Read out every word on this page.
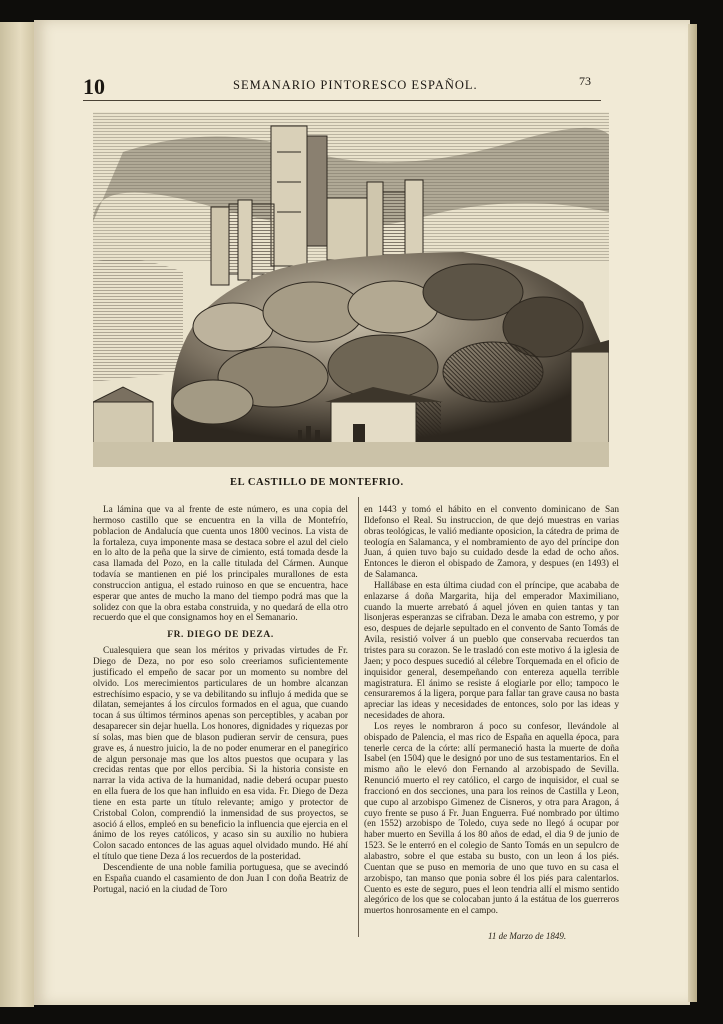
10	SEMANARIO PINTORESCO ESPAÑOL.	73
EL CASTILLO DE MONTEFRIO.

La lámina que va al frente de este número, es una copia del hermoso castillo que se encuentra en la villa de Montefrío, poblacion de Andalucía que cuenta unos 1800 vecinos. La vista de la fortaleza, cuya imponente masa se destaca sobre el azul del cielo en lo alto de la peña que la sirve de cimiento, está tomada desde la casa llamada del Pozo, en la calle titulada del Cármen. Aunque todavía se mantienen en pié los principales murallones de esta construccion antigua, el estado ruinoso en que se encuentra, hace esperar que antes de mucho la mano del tiempo podrá mas que la solidez con que la obra estaba construida, y no quedará de ella otro recuerdo que el que consignamos hoy en el Semanario.

FR. DIEGO DE DEZA.

Cualesquiera que sean los méritos y privadas virtudes de Fr. Diego de Deza, no por eso solo creeriamos suficientemente justificado el empeño de sacar por un momento su nombre del olvido. Los merecimientos particulares de un hombre alcanzan estrechísimo espacio, y se va debilitando su influjo á medida que se dilatan, semejantes á los círculos formados en el agua, que cuando tocan á sus últimos términos apenas son perceptibles, y acaban por desaparecer sin dejar huella. Los honores, dignidades y riquezas por sí solas, mas bien que de blason pudieran servir de censura, pues grave es, á nuestro juicio, la de no poder enumerar en el panegírico de algun personaje mas que los altos puestos que ocupara y las crecidas rentas que por ellos percibia. Si la historia consiste en narrar la vida activa de la humanidad, nadie deberá ocupar puesto en ella fuera de los que han influido en esa vida. Fr. Diego de Deza tiene en esta parte un título relevante; amigo y protector de Cristobal Colon, comprendió la inmensidad de sus proyectos, se asoció á ellos, empleó en su beneficio la influencia que ejercia en el ánimo de los reyes católicos, y acaso sin su auxilio no hubiera Colon sacado entonces de las aguas aquel olvidado mundo. Hé ahí el título que tiene Deza á los recuerdos de la posteridad.

Descendiente de una noble familia portuguesa, que se avecindó en España cuando el casamiento de don Juan I con doña Beatriz de Portugal, nació en la ciudad de Toro

en 1443 y tomó el hábito en el convento dominicano de San Ildefonso el Real. Su instruccion, de que dejó muestras en varias obras teológicas, le valió mediante oposicion, la cátedra de prima de teología en Salamanca, y el nombramiento de ayo del príncipe don Juan, á quien tuvo bajo su cuidado desde la edad de ocho años. Entonces le dieron el obispado de Zamora, y despues (en 1493) el de Salamanca.

Hallábase en esta última ciudad con el príncipe, que acababa de enlazarse á doña Margarita, hija del emperador Maximiliano, cuando la muerte arrebató á aquel jóven en quien tantas y tan lisonjeras esperanzas se cifraban. Deza le amaba con estremo, y por eso, despues de dejarle sepultado en el convento de Santo Tomás de Avila, resistió volver á un pueblo que conservaba recuerdos tan tristes para su corazon. Se le trasladó con este motivo á la iglesia de Jaen; y poco despues sucedió al célebre Torquemada en el oficio de inquisidor general, desempeñando con entereza aquella terrible magistratura. El ánimo se resiste á elogiarle por ello; tampoco le censuraremos á la ligera, porque para fallar tan grave causa no basta apreciar las ideas y necesidades de entonces, solo por las ideas y necesidades de ahora.

Los reyes le nombraron á poco su confesor, llevándole al obispado de Palencia, el mas rico de España en aquella época, para tenerle cerca de la córte: allí permaneció hasta la muerte de doña Isabel (en 1504) que le designó por uno de sus testamentarios. En el mismo año le elevó don Fernando al arzobispado de Sevilla. Renunció muerto el rey católico, el cargo de inquisidor, el cual se fraccionó en dos secciones, una para los reinos de Castilla y Leon, que cupo al arzobispo Gimenez de Cisneros, y otra para Aragon, á cuyo frente se puso á Fr. Juan Enguerra. Fué nombrado por último (en 1552) arzobispo de Toledo, cuya sede no llegó á ocupar por haber muerto en Sevilla á los 80 años de edad, el dia 9 de junio de 1523. Se le enterró en el colegio de Santo Tomás en un sepulcro de alabastro, sobre el que estaba su busto, con un leon á los piés. Cuentan que se puso en memoria de uno que tuvo en su casa el arzobispo, tan manso que ponia sobre él los piés para calentarlos. Cuento es este de seguro, pues el leon tendria allí el mismo sentido alegórico de los que se colocaban junto á la estátua de los guerreros muertos honrosamente en el campo.

11 de Marzo de 1849.
